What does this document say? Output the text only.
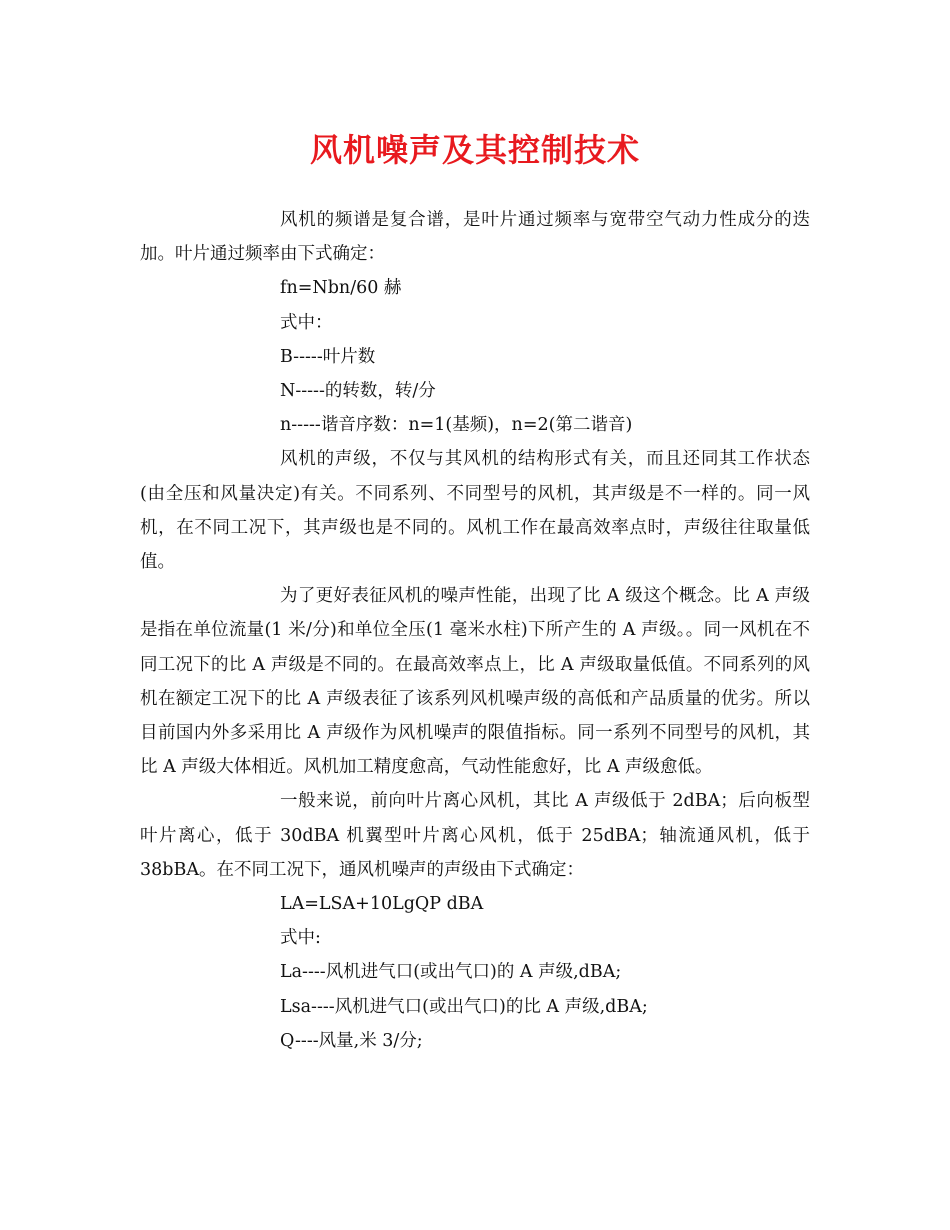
风机噪声及其控制技术

风机的频谱是复合谱，是叶片通过频率与宽带空气动力性成分的迭加。叶片通过频率由下式确定：

fn=Nbn/60 赫

式中：

B-----叶片数

N-----的转数，转/分

n-----谐音序数：n=1(基频)，n=2(第二谐音)

风机的声级，不仅与其风机的结构形式有关，而且还同其工作状态(由全压和风量决定)有关。不同系列、不同型号的风机，其声级是不一样的。同一风机，在不同工况下，其声级也是不同的。风机工作在最高效率点时，声级往往取量低值。

为了更好表征风机的噪声性能，出现了比 A 级这个概念。比 A 声级是指在单位流量(1 米/分)和单位全压(1 毫米水柱)下所产生的 A 声级。。同一风机在不同工况下的比 A 声级是不同的。在最高效率点上，比 A 声级取量低值。不同系列的风机在额定工况下的比 A 声级表征了该系列风机噪声级的高低和产品质量的优劣。所以目前国内外多采用比 A 声级作为风机噪声的限值指标。同一系列不同型号的风机，其比 A 声级大体相近。风机加工精度愈高，气动性能愈好，比 A 声级愈低。

一般来说，前向叶片离心风机，其比 A 声级低于 2dBA；后向板型叶片离心，低于 30dBA 机翼型叶片离心风机，低于 25dBA；轴流通风机，低于 38bBA。在不同工况下，通风机噪声的声级由下式确定：

LA=LSA+10LgQP dBA

式中:

La----风机进气口(或出气口)的 A 声级,dBA;

Lsa----风机进气口(或出气口)的比 A 声级,dBA;

Q----风量,米 3/分;
